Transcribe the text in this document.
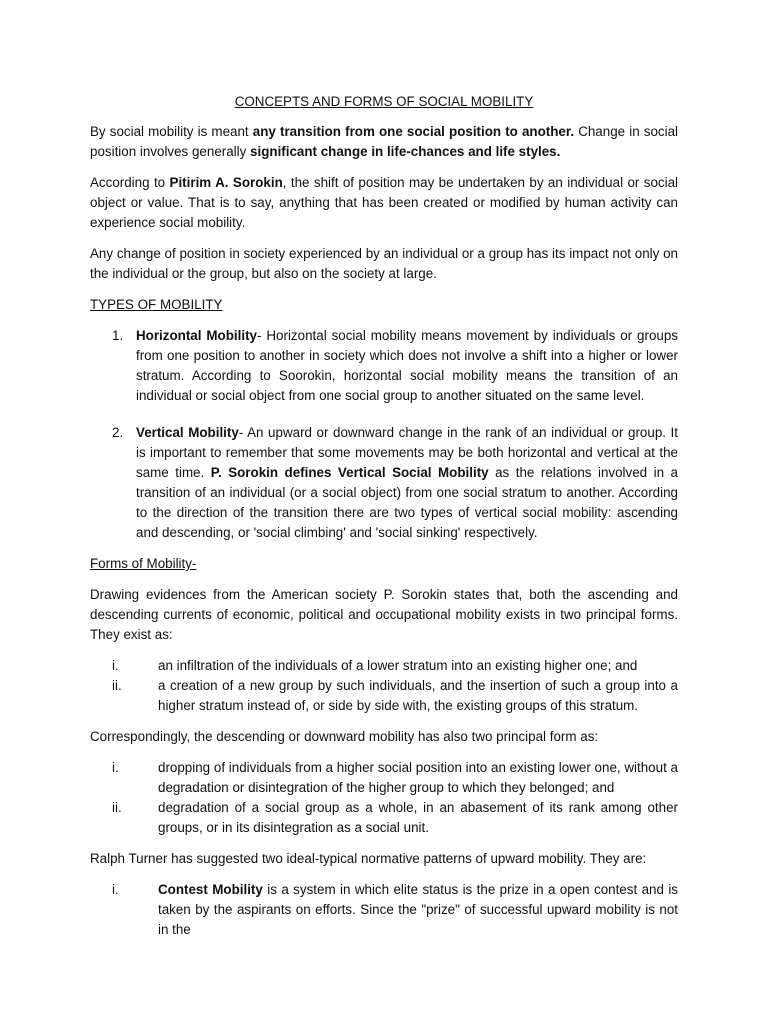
CONCEPTS AND FORMS OF SOCIAL MOBILITY

By social mobility is meant any transition from one social position to another. Change in social position involves generally significant change in life-chances and life styles.

According to Pitirim A. Sorokin, the shift of position may be undertaken by an individual or social object or value. That is to say, anything that has been created or modified by human activity can experience social mobility.

Any change of position in society experienced by an individual or a group has its impact not only on the individual or the group, but also on the society at large.

TYPES OF MOBILITY
1. Horizontal Mobility- Horizontal social mobility means movement by individuals or groups from one position to another in society which does not involve a shift into a higher or lower stratum. According to Soorokin, horizontal social mobility means the transition of an individual or social object from one social group to another situated on the same level.
2. Vertical Mobility- An upward or downward change in the rank of an individual or group. It is important to remember that some movements may be both horizontal and vertical at the same time. P. Sorokin defines Vertical Social Mobility as the relations involved in a transition of an individual (or a social object) from one social stratum to another. According to the direction of the transition there are two types of vertical social mobility: ascending and descending, or 'social climbing' and 'social sinking' respectively.
Forms of Mobility-

Drawing evidences from the American society P. Sorokin states that, both the ascending and descending currents of economic, political and occupational mobility exists in two principal forms. They exist as:

i.	an infiltration of the individuals of a lower stratum into an existing higher one; and
ii.	a creation of a new group by such individuals, and the insertion of such a group into a higher stratum instead of, or side by side with, the existing groups of this stratum.

Correspondingly, the descending or downward mobility has also two principal form as:

i.	dropping of individuals from a higher social position into an existing lower one, without a degradation or disintegration of the higher group to which they belonged; and
ii.	degradation of a social group as a whole, in an abasement of its rank among other groups, or in its disintegration as a social unit.

Ralph Turner has suggested two ideal-typical normative patterns of upward mobility. They are:

i.	Contest Mobility is a system in which elite status is the prize in a open contest and is taken by the aspirants on efforts. Since the "prize" of successful upward mobility is not in the
